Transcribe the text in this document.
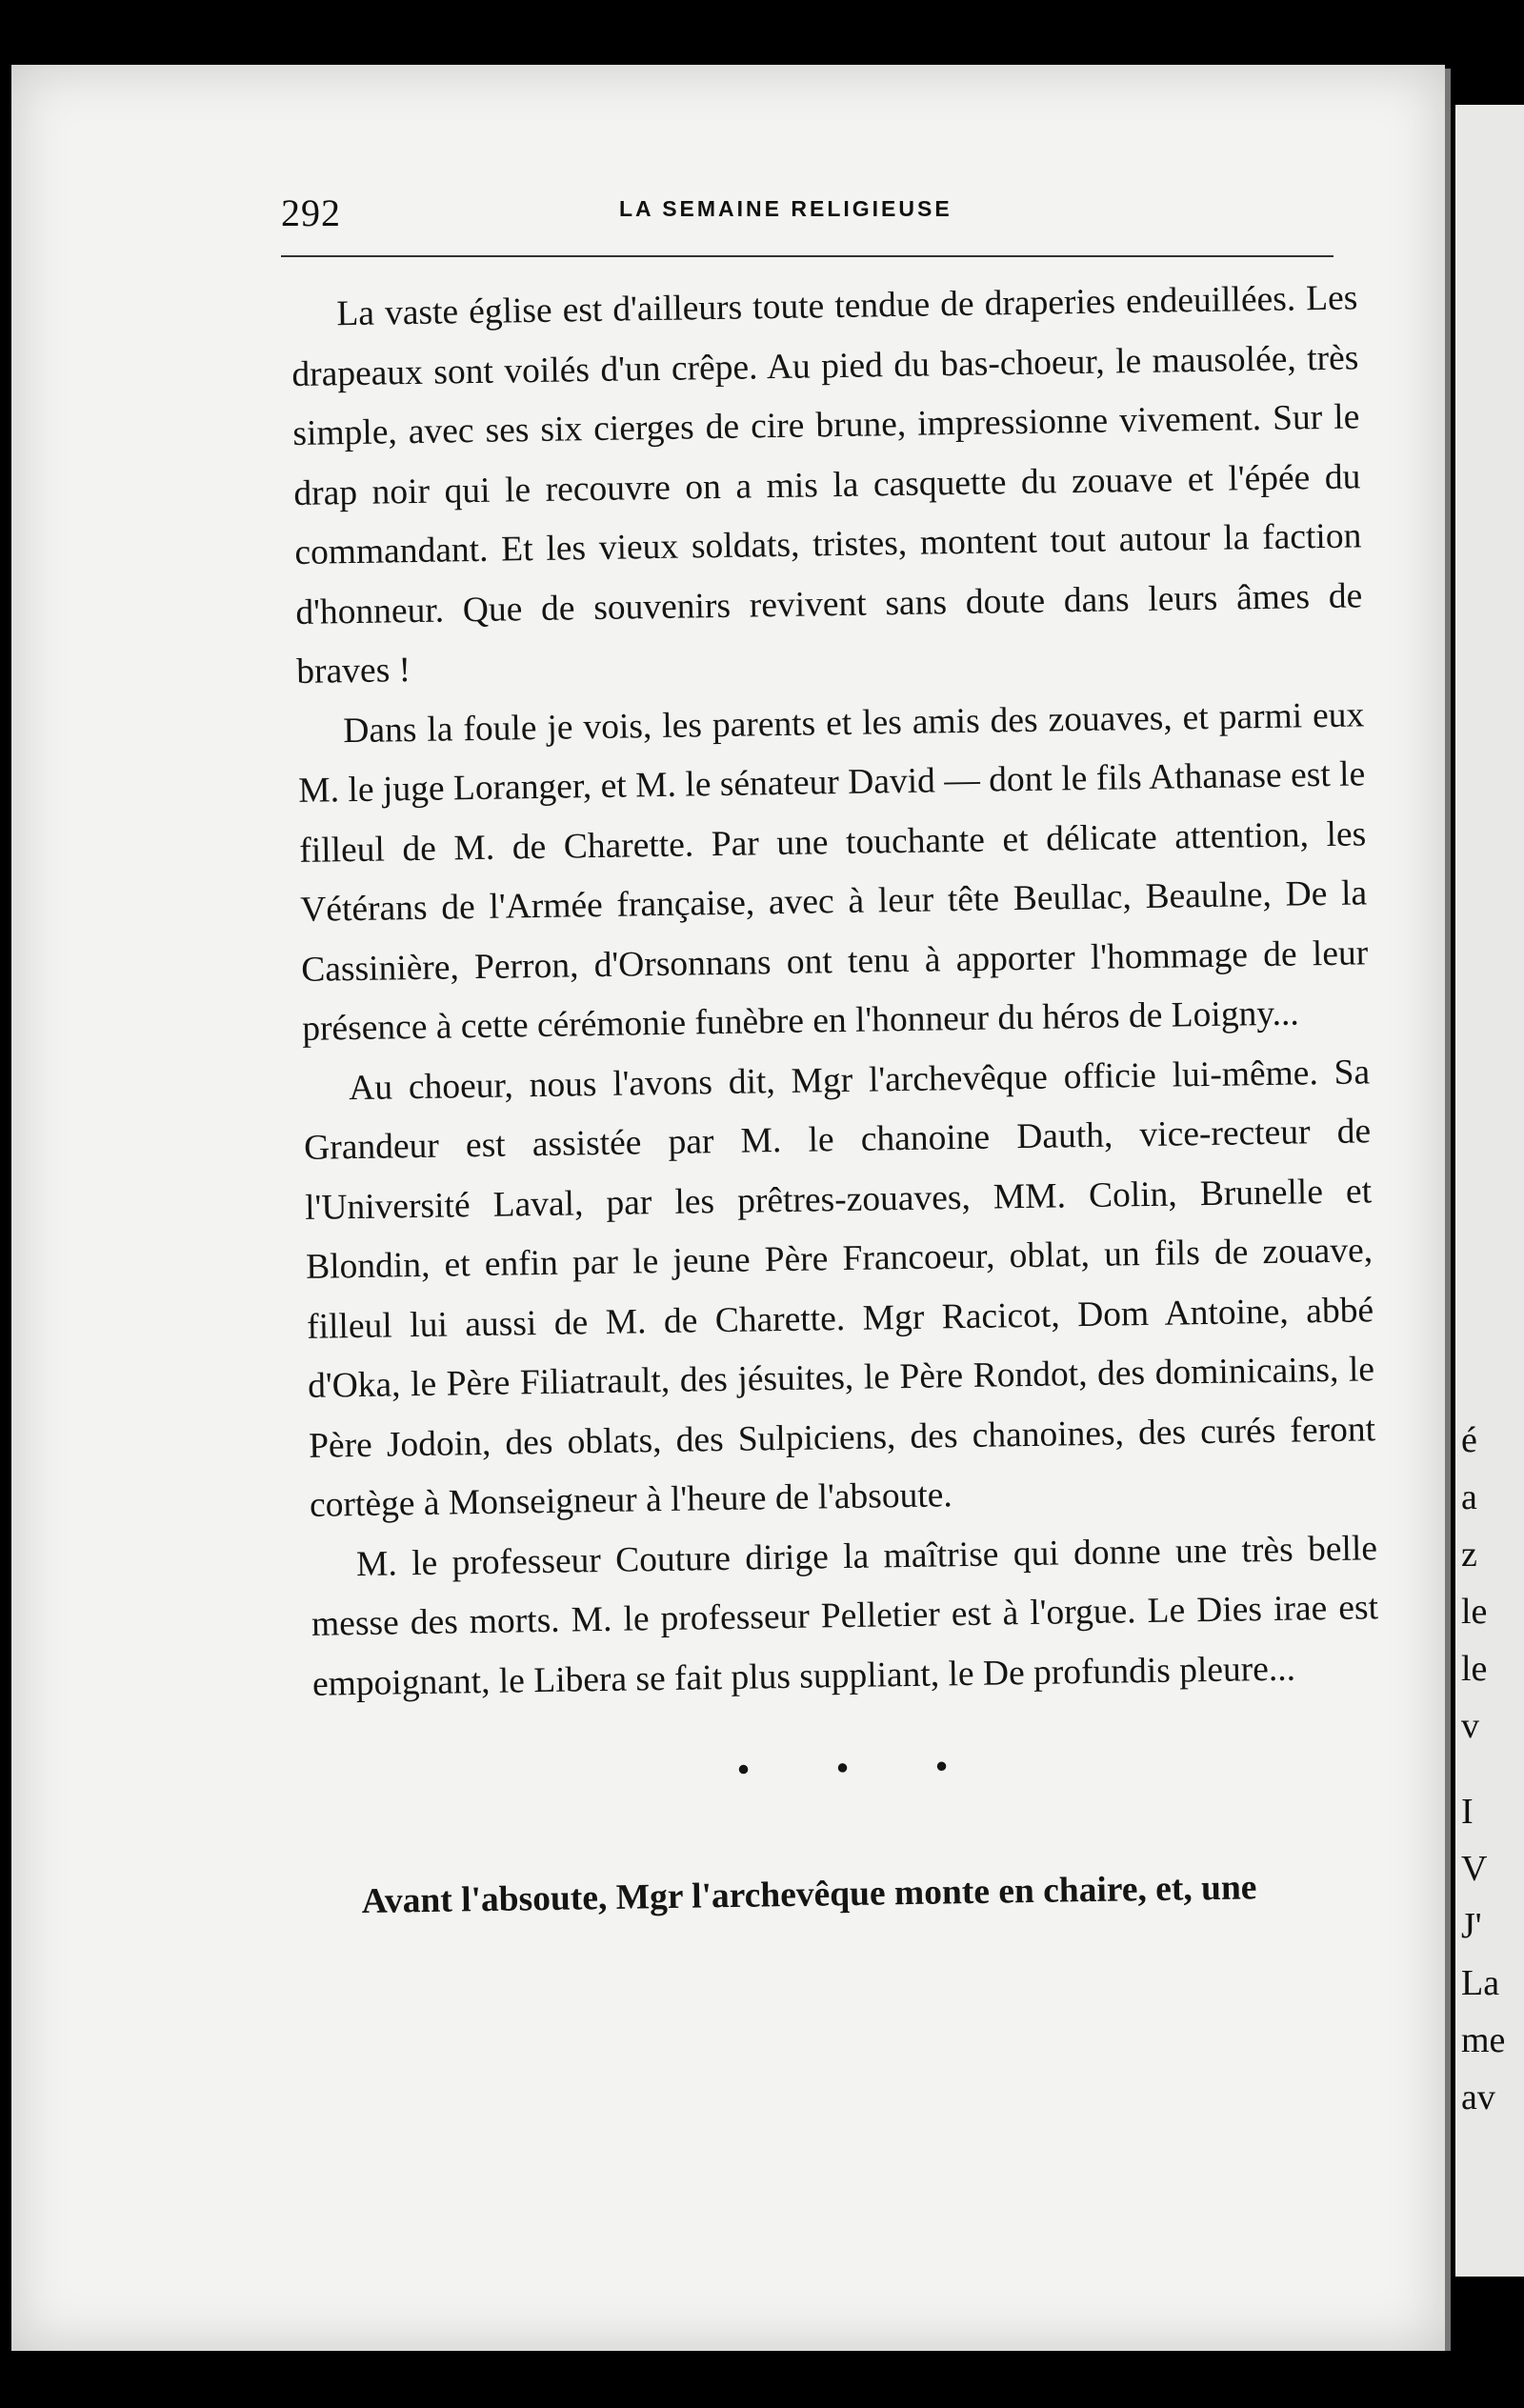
é
a
z
le
le
v
I
V
J'
La
me
av
292	LA SEMAINE RELIGIEUSE

La vaste église est d'ailleurs toute tendue de draperies endeuillées. Les drapeaux sont voilés d'un crêpe. Au pied du bas-choeur, le mausolée, très simple, avec ses six cierges de cire brune, impressionne vivement. Sur le drap noir qui le recouvre on a mis la casquette du zouave et l'épée du commandant. Et les vieux soldats, tristes, montent tout autour la faction d'honneur. Que de souvenirs revivent sans doute dans leurs âmes de braves !

Dans la foule je vois, les parents et les amis des zouaves, et parmi eux M. le juge Loranger, et M. le sénateur David — dont le fils Athanase est le filleul de M. de Charette. Par une touchante et délicate attention, les Vétérans de l'Armée française, avec à leur tête Beullac, Beaulne, De la Cassinière, Perron, d'Orsonnans ont tenu à apporter l'hommage de leur présence à cette cérémonie funèbre en l'honneur du héros de Loigny...

Au choeur, nous l'avons dit, Mgr l'archevêque officie lui-même. Sa Grandeur est assistée par M. le chanoine Dauth, vice-recteur de l'Université Laval, par les prêtres-zouaves, MM. Colin, Brunelle et Blondin, et enfin par le jeune Père Francoeur, oblat, un fils de zouave, filleul lui aussi de M. de Charette. Mgr Racicot, Dom Antoine, abbé d'Oka, le Père Filiatrault, des jésuites, le Père Rondot, des dominicains, le Père Jodoin, des oblats, des Sulpiciens, des chanoines, des curés feront cortège à Monseigneur à l'heure de l'absoute.

M. le professeur Couture dirige la maîtrise qui donne une très belle messe des morts. M. le professeur Pelletier est à l'orgue. Le Dies irae est empoignant, le Libera se fait plus suppliant, le De profundis pleure...

• • •

Avant l'absoute, Mgr l'archevêque monte en chaire, et, une
